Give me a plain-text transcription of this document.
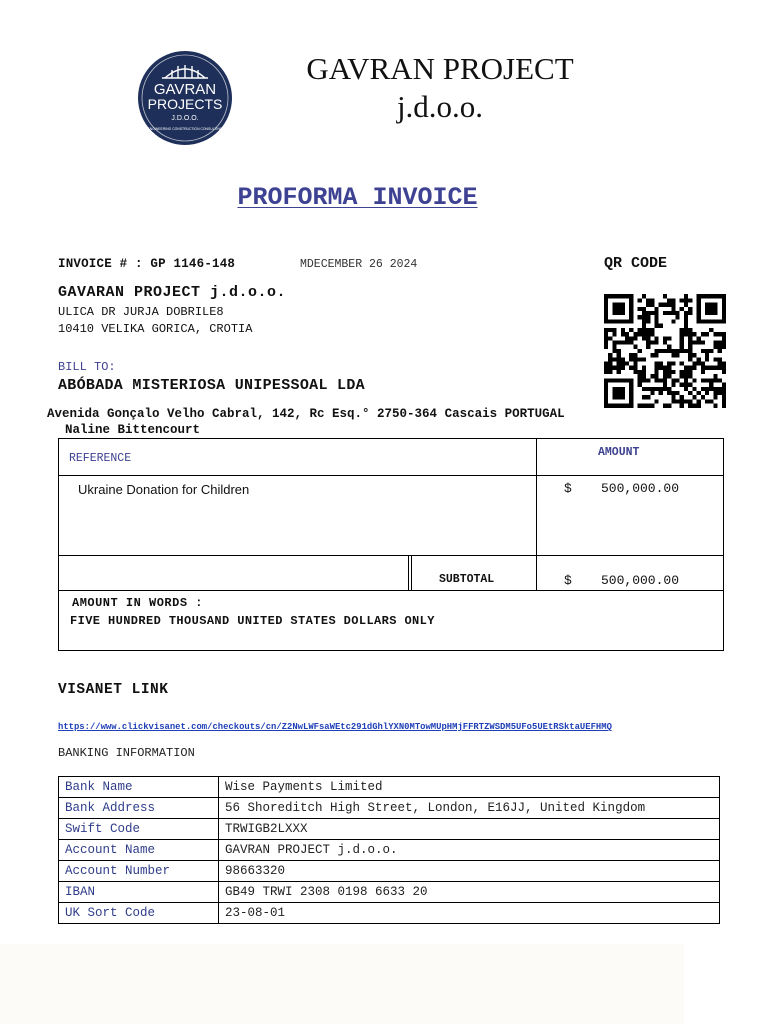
GAVRAN
PROJECTS
J.D.O.O.
ENGINEERING CONSTRUCTION CONSULTING
GAVRAN PROJECT
j.d.o.o.
PROFORMA INVOICE
INVOICE # : GP 1146-148	MDECEMBER 26 2024	QR CODE
GAVARAN PROJECT j.d.o.o.
ULICA DR JURJA DOBRILE8
10410 VELIKA GORICA, CROTIA
BILL TO:
ABÓBADA MISTERIOSA UNIPESSOAL LDA
Avenida Gonçalo Velho Cabral, 142, Rc Esq.° 2750-364 Cascais PORTUGAL
Naline Bittencourt
REFERENCE	AMOUNT
Ukraine Donation for Children	$ 500,000.00
SUBTOTAL	$ 500,000.00
AMOUNT IN WORDS :
FIVE HUNDRED THOUSAND UNITED STATES DOLLARS ONLY
VISANET LINK
https://www.clickvisanet.com/checkouts/cn/Z2NwLWFsaWEtc291dGhlYXN0MTowMUpHMjFFRTZWSDM5UFo5UEtRSktaUEFHMQ
BANKING INFORMATION
Bank Name	Wise Payments Limited
Bank Address	56 Shoreditch High Street, London, E16JJ, United Kingdom
Swift Code	TRWIGB2LXXX
Account Name	GAVRAN PROJECT j.d.o.o.
Account Number	98663320
IBAN	GB49 TRWI 2308 0198 6633 20
UK Sort Code	23-08-01
